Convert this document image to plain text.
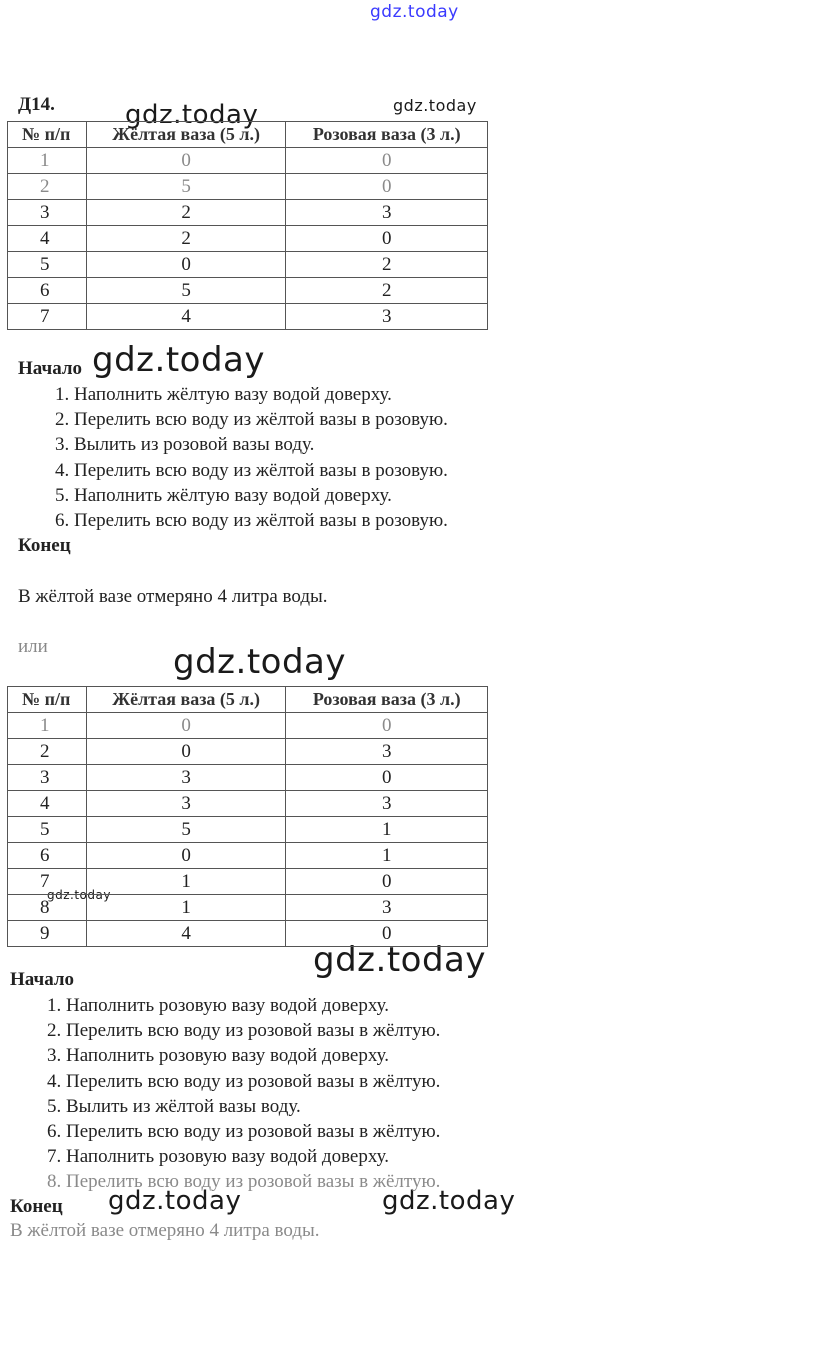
gdz.today
gdz.today	gdz.today
gdz.today
gdz.today
gdz.today
gdz.today
gdz.today	gdz.today
Д14.
№ п/п	Жёлтая ваза (5 л.)	Розовая ваза (3 л.)
1	0	0
2	5	0
3	2	3
4	2	0
5	0	2
6	5	2
7	4	3
Начало
1. Наполнить жёлтую вазу водой доверху.
2. Перелить всю воду из жёлтой вазы в розовую.
3. Вылить из розовой вазы воду.
4. Перелить всю воду из жёлтой вазы в розовую.
5. Наполнить жёлтую вазу водой доверху.
6. Перелить всю воду из жёлтой вазы в розовую.
Конец
В жёлтой вазе отмеряно 4 литра воды.
или
№ п/п	Жёлтая ваза (5 л.)	Розовая ваза (3 л.)
1	0	0
2	0	3
3	3	0
4	3	3
5	5	1
6	0	1
7	1	0
8	1	3
9	4	0
Начало
1. Наполнить розовую вазу водой доверху.
2. Перелить всю воду из розовой вазы в жёлтую.
3. Наполнить розовую вазу водой доверху.
4. Перелить всю воду из розовой вазы в жёлтую.
5. Вылить из жёлтой вазы воду.
6. Перелить всю воду из розовой вазы в жёлтую.
7. Наполнить розовую вазу водой доверху.
8. Перелить всю воду из розовой вазы в жёлтую.
Конец
В жёлтой вазе отмеряно 4 литра воды.
